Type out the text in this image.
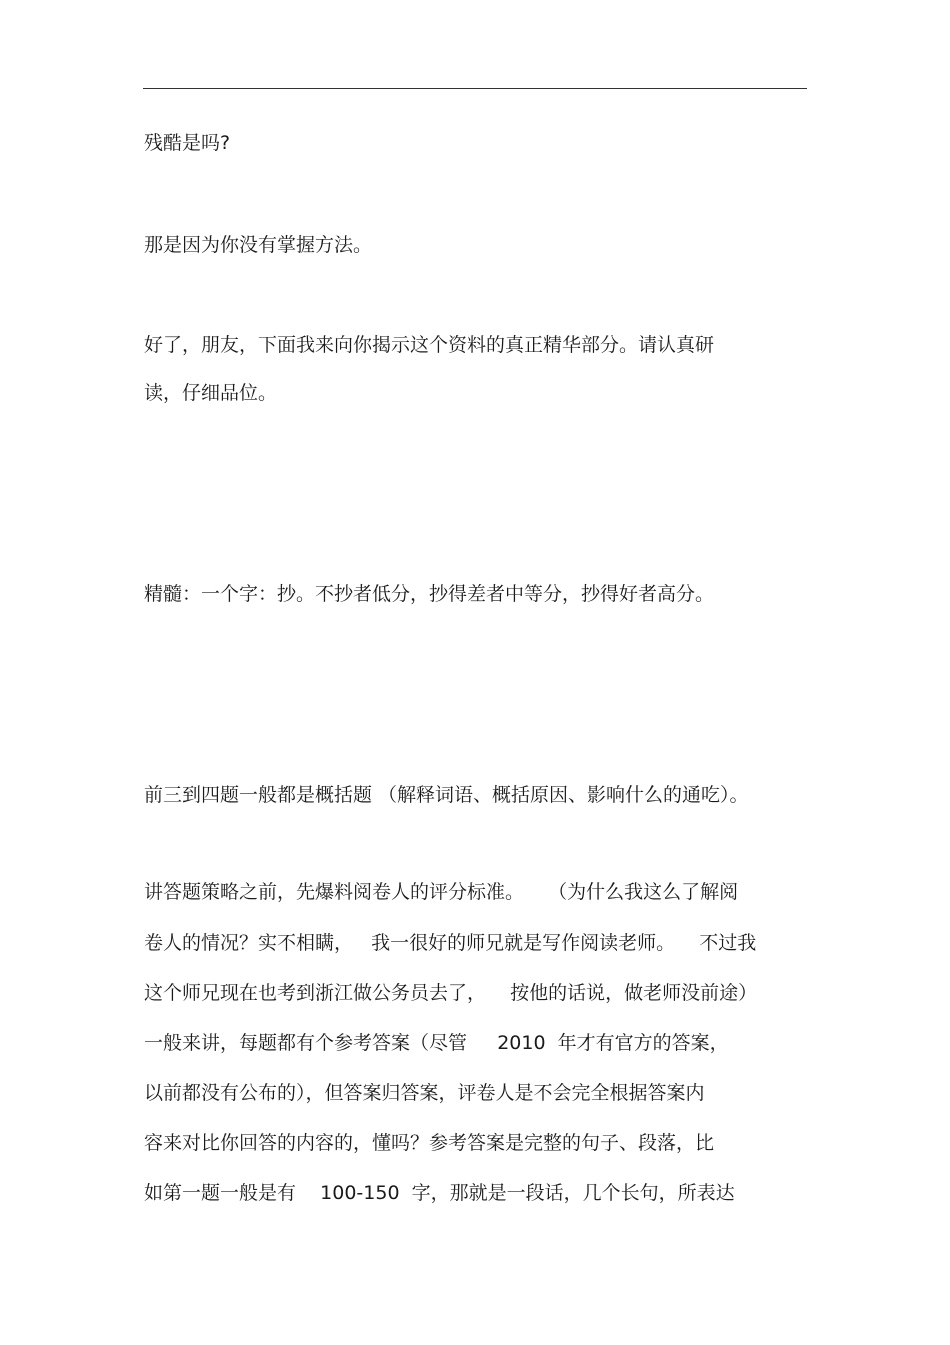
残酷是吗?
那是因为你没有掌握方法。
好了，朋友，下面我来向你揭示这个资料的真正精华部分。请认真研
读，仔细品位。
精髓：一个字：抄。不抄者低分，抄得差者中等分，抄得好者高分。
前三到四题一般都是概括题 （解释词语、概括原因、影响什么的通吃）。
讲答题策略之前，先爆料阅卷人的评分标准。    （为什么我这么了解阅
卷人的情况？实不相瞒，   我一很好的师兄就是写作阅读老师。    不过我
这个师兄现在也考到浙江做公务员去了，    按他的话说，做老师没前途）
一般来讲，每题都有个参考答案（尽管     2010  年才有官方的答案，
以前都没有公布的），但答案归答案，评卷人是不会完全根据答案内
容来对比你回答的内容的，懂吗？参考答案是完整的句子、段落，比
如第一题一般是有    100-150  字，那就是一段话，几个长句，所表达
